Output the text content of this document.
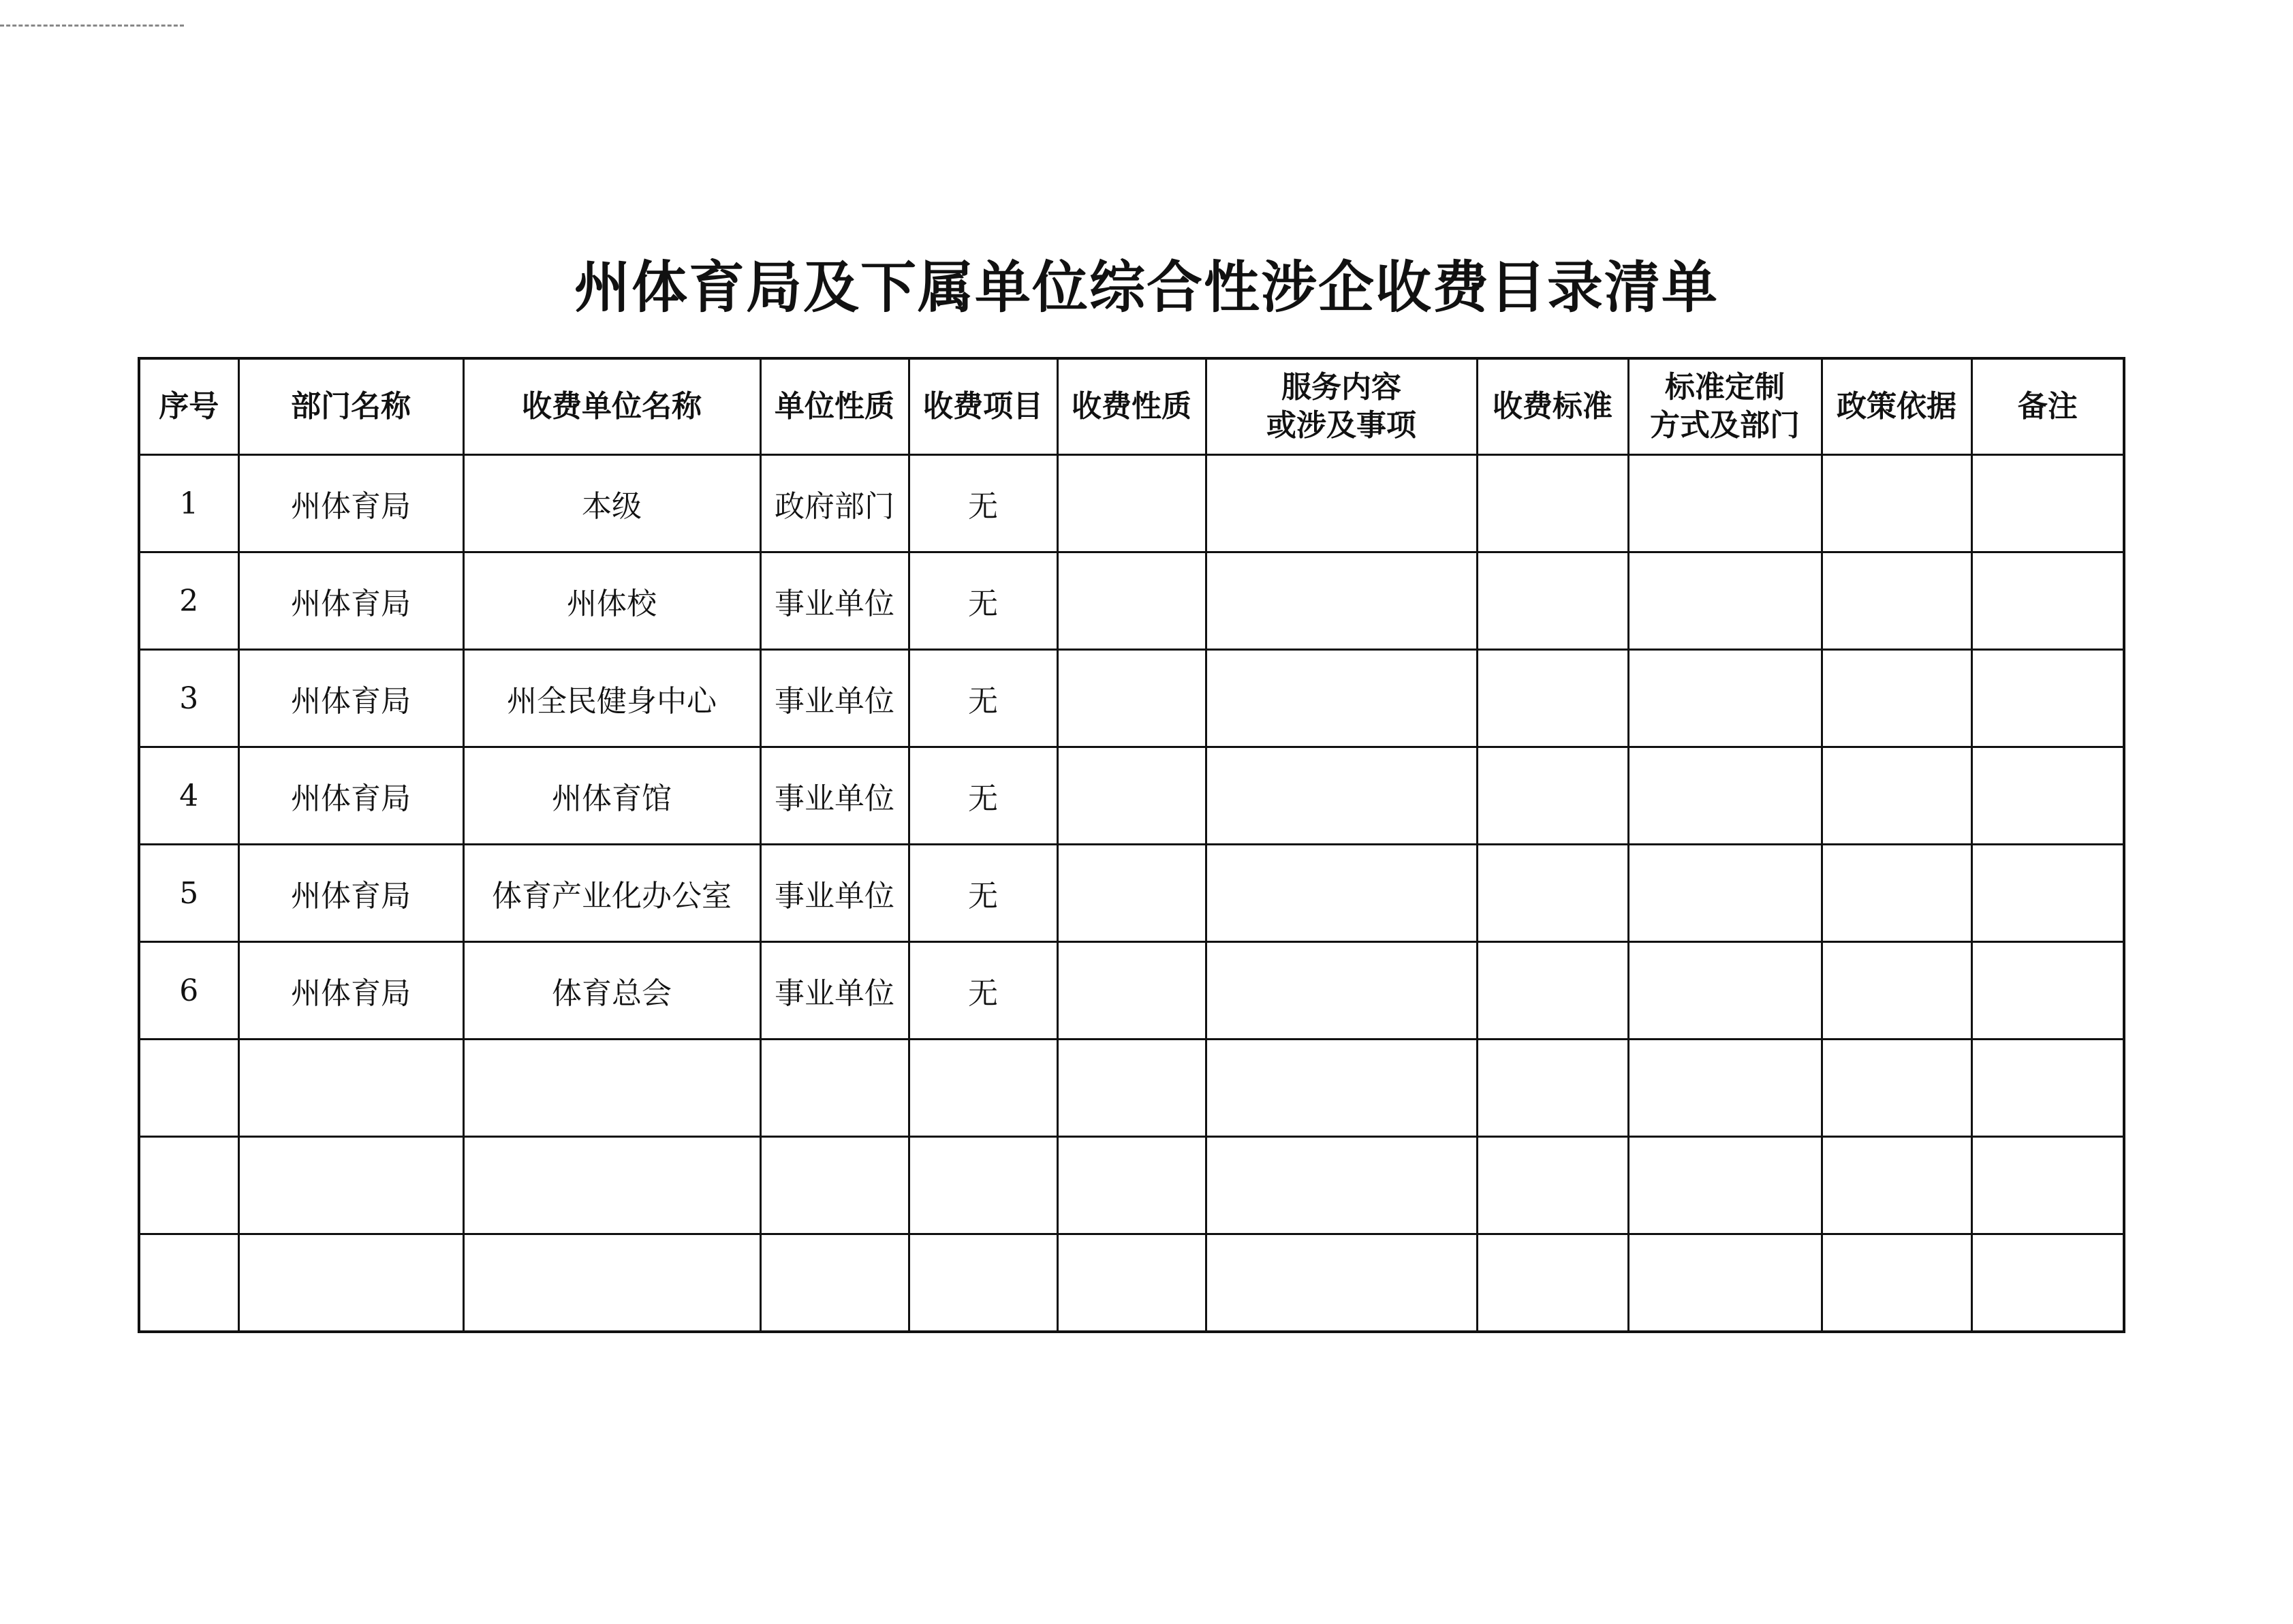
州体育局及下属单位综合性涉企收费目录清单
序号	部门名称	收费单位名称	单位性质	收费项目	收费性质	服务内容
或涉及事项	收费标准	标准定制
方式及部门	政策依据	备注

1	州体育局	本级	政府部门	无						
2	州体育局	州体校	事业单位	无						
3	州体育局	州全民健身中心	事业单位	无						
4	州体育局	州体育馆	事业单位	无						
5	州体育局	体育产业化办公室	事业单位	无						
6	州体育局	体育总会	事业单位	无						
